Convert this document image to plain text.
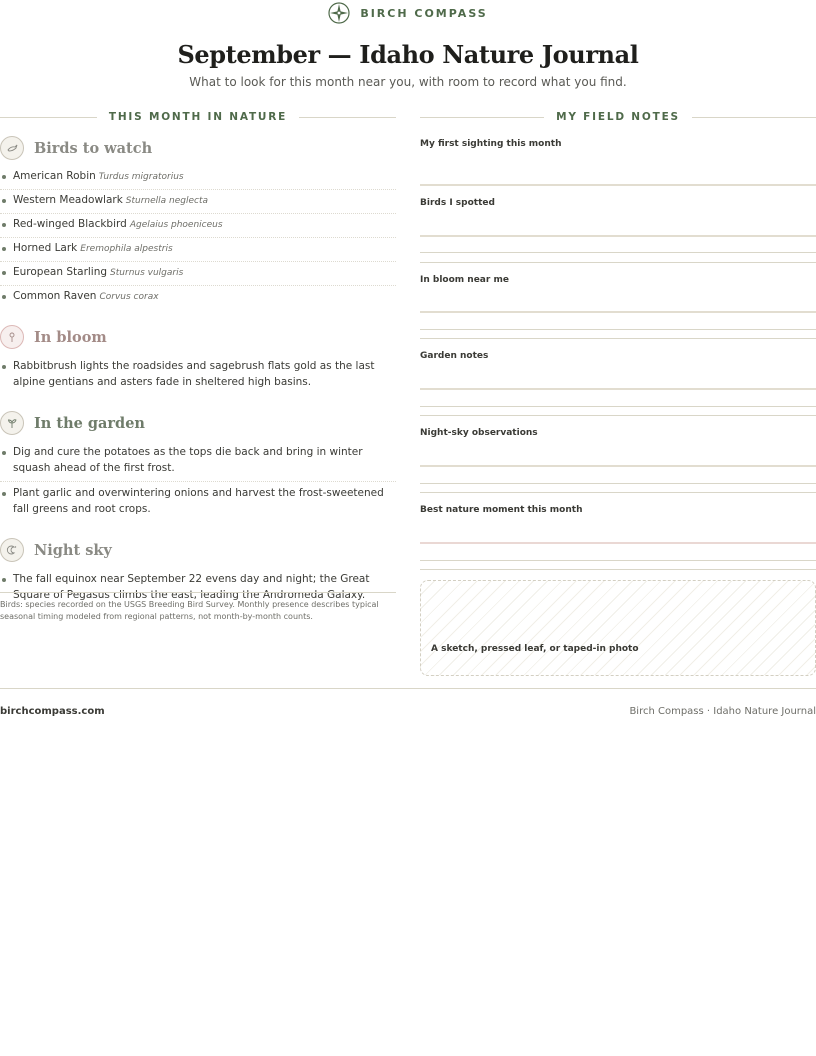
BIRCH COMPASS
September — Idaho Nature Journal
What to look for this month near you, with room to record what you find.
THIS MONTH IN NATURE	MY FIELD NOTES
Birds to watch
American Robin Turdus migratorius
Western Meadowlark Sturnella neglecta
Red-winged Blackbird Agelaius phoeniceus
Horned Lark Eremophila alpestris
European Starling Sturnus vulgaris
Common Raven Corvus corax
In bloom
Rabbitbrush lights the roadsides and sagebrush flats gold as the last alpine gentians and asters fade in sheltered high basins.
In the garden
Dig and cure the potatoes as the tops die back and bring in winter squash ahead of the first frost.
Plant garlic and overwintering onions and harvest the frost-sweetened fall greens and root crops.
Night sky
The fall equinox near September 22 evens day and night; the Great Square of Pegasus climbs the east, leading the Andromeda Galaxy.
Birds: species recorded on the USGS Breeding Bird Survey. Monthly presence describes typical seasonal timing modeled from regional patterns, not month-by-month counts.
My first sighting this month
Birds I spotted
In bloom near me
Garden notes
Night-sky observations
Best nature moment this month
A sketch, pressed leaf, or taped-in photo
birchcompass.com	Birch Compass · Idaho Nature Journal
